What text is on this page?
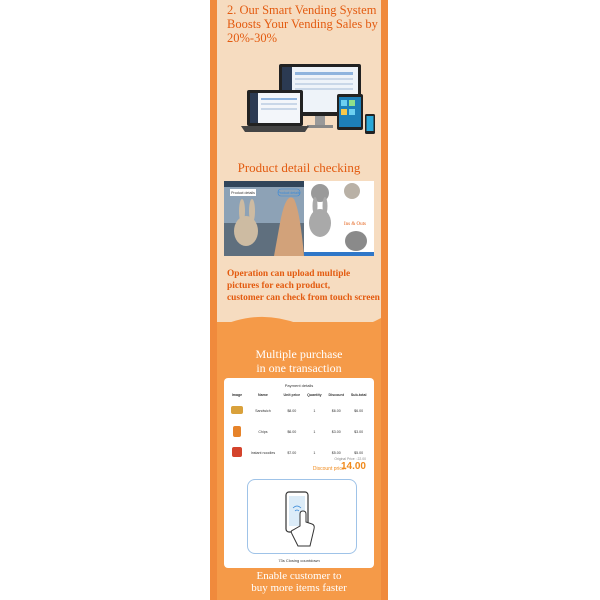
2. Our Smart Vending System Boosts Your Vending Sales by 20%-30%
Product detail checking
Product details	Product details
Ins & Outs
Operation can upload multiple
pictures for each product,
customer can check from touch screen
Multiple purchase
in one transaction
Payment details
Image	Name	Unit price	Quantity	Discount	Sub-total
	Sandwich	$8.00	1	$6.00	$6.00
	Chips	$6.00	1	$3.00	$3.00
	Instant noodles	$7.00	1	$5.00	$5.00
Original Price : 22.00
Discount price:
14.00
73s Closing countdown
Enable customer to
buy more items faster
